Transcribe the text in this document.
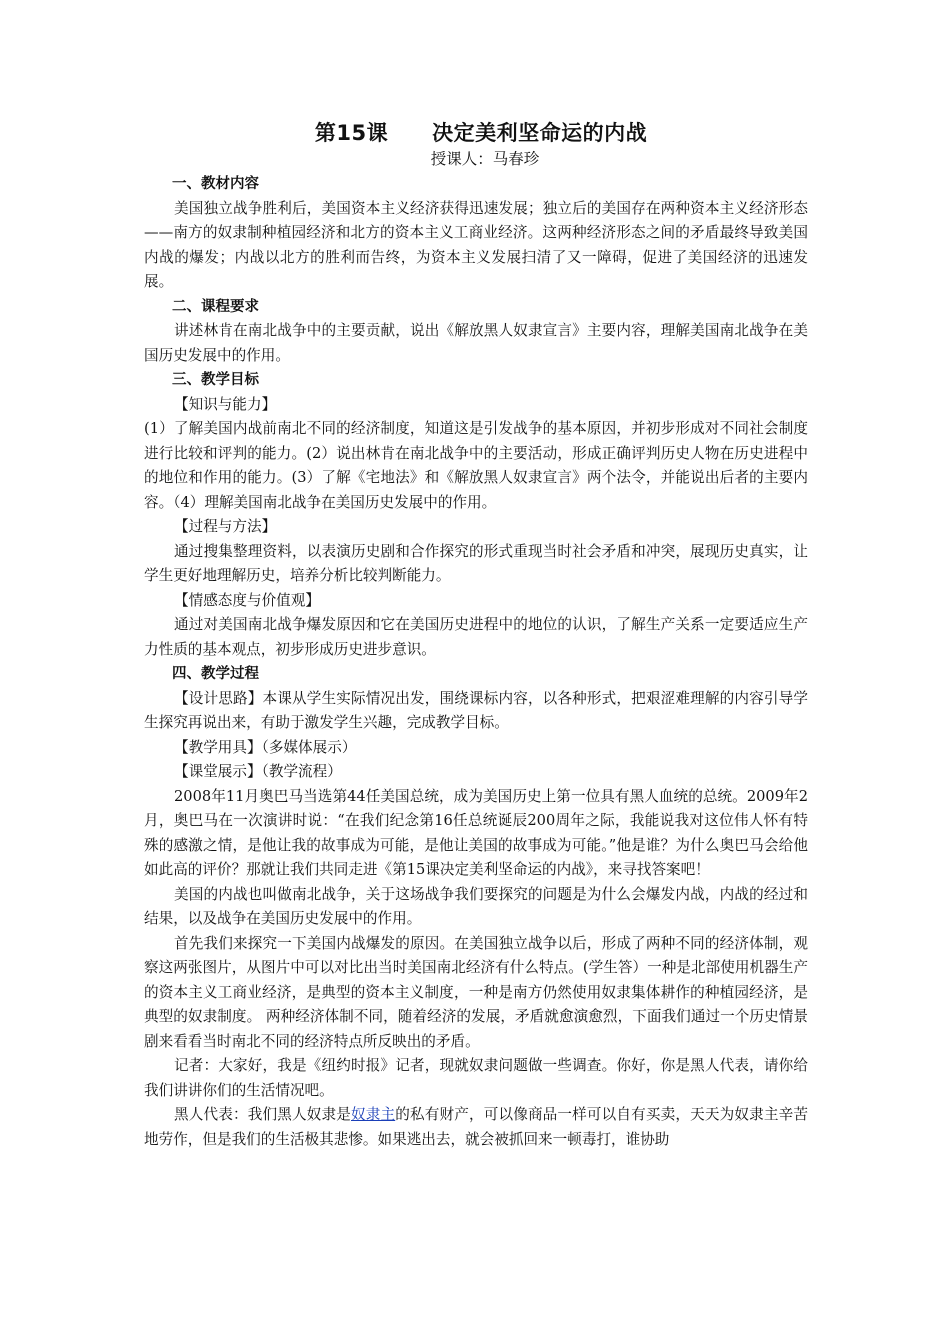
第15课 决定美利坚命运的内战

授课人：马春珍

一、教材内容

美国独立战争胜利后，美国资本主义经济获得迅速发展；独立后的美国存在两种资本主义经济形态——南方的奴隶制种植园经济和北方的资本主义工商业经济。这两种经济形态之间的矛盾最终导致美国内战的爆发；内战以北方的胜利而告终，为资本主义发展扫清了又一障碍，促进了美国经济的迅速发展。

二、课程要求

讲述林肯在南北战争中的主要贡献，说出《解放黑人奴隶宣言》主要内容，理解美国南北战争在美国历史发展中的作用。

三、教学目标

【知识与能力】

(1）了解美国内战前南北不同的经济制度，知道这是引发战争的基本原因，并初步形成对不同社会制度进行比较和评判的能力。(2）说出林肯在南北战争中的主要活动，形成正确评判历史人物在历史进程中的地位和作用的能力。(3）了解《宅地法》和《解放黑人奴隶宣言》两个法令，并能说出后者的主要内容。（4）理解美国南北战争在美国历史发展中的作用。

【过程与方法】

通过搜集整理资料，以表演历史剧和合作探究的形式重现当时社会矛盾和冲突，展现历史真实，让学生更好地理解历史，培养分析比较判断能力。

【情感态度与价值观】

通过对美国南北战争爆发原因和它在美国历史进程中的地位的认识，了解生产关系一定要适应生产力性质的基本观点，初步形成历史进步意识。

四、教学过程

【设计思路】本课从学生实际情况出发，围绕课标内容，以各种形式，把艰涩难理解的内容引导学生探究再说出来，有助于激发学生兴趣，完成教学目标。

【教学用具】（多媒体展示）

【课堂展示】（教学流程）

2008年11月奥巴马当选第44任美国总统，成为美国历史上第一位具有黑人血统的总统。2009年2月，奥巴马在一次演讲时说：“在我们纪念第16任总统诞辰200周年之际，我能说我对这位伟人怀有特殊的感激之情，是他让我的故事成为可能，是他让美国的故事成为可能。”他是谁？为什么奥巴马会给他如此高的评价？那就让我们共同走进《第15课决定美利坚命运的内战》，来寻找答案吧！

美国的内战也叫做南北战争，关于这场战争我们要探究的问题是为什么会爆发内战，内战的经过和结果，以及战争在美国历史发展中的作用。

首先我们来探究一下美国内战爆发的原因。在美国独立战争以后，形成了两种不同的经济体制，观察这两张图片，从图片中可以对比出当时美国南北经济有什么特点。(学生答）一种是北部使用机器生产的资本主义工商业经济，是典型的资本主义制度，一种是南方仍然使用奴隶集体耕作的种植园经济，是典型的奴隶制度。 两种经济体制不同，随着经济的发展，矛盾就愈演愈烈，下面我们通过一个历史情景剧来看看当时南北不同的经济特点所反映出的矛盾。

记者：大家好，我是《纽约时报》记者，现就奴隶问题做一些调查。你好，你是黑人代表，请你给我们讲讲你们的生活情况吧。

黑人代表：我们黑人奴隶是奴隶主的私有财产，可以像商品一样可以自有买卖，天天为奴隶主辛苦地劳作，但是我们的生活极其悲惨。如果逃出去，就会被抓回来一顿毒打，谁协助
